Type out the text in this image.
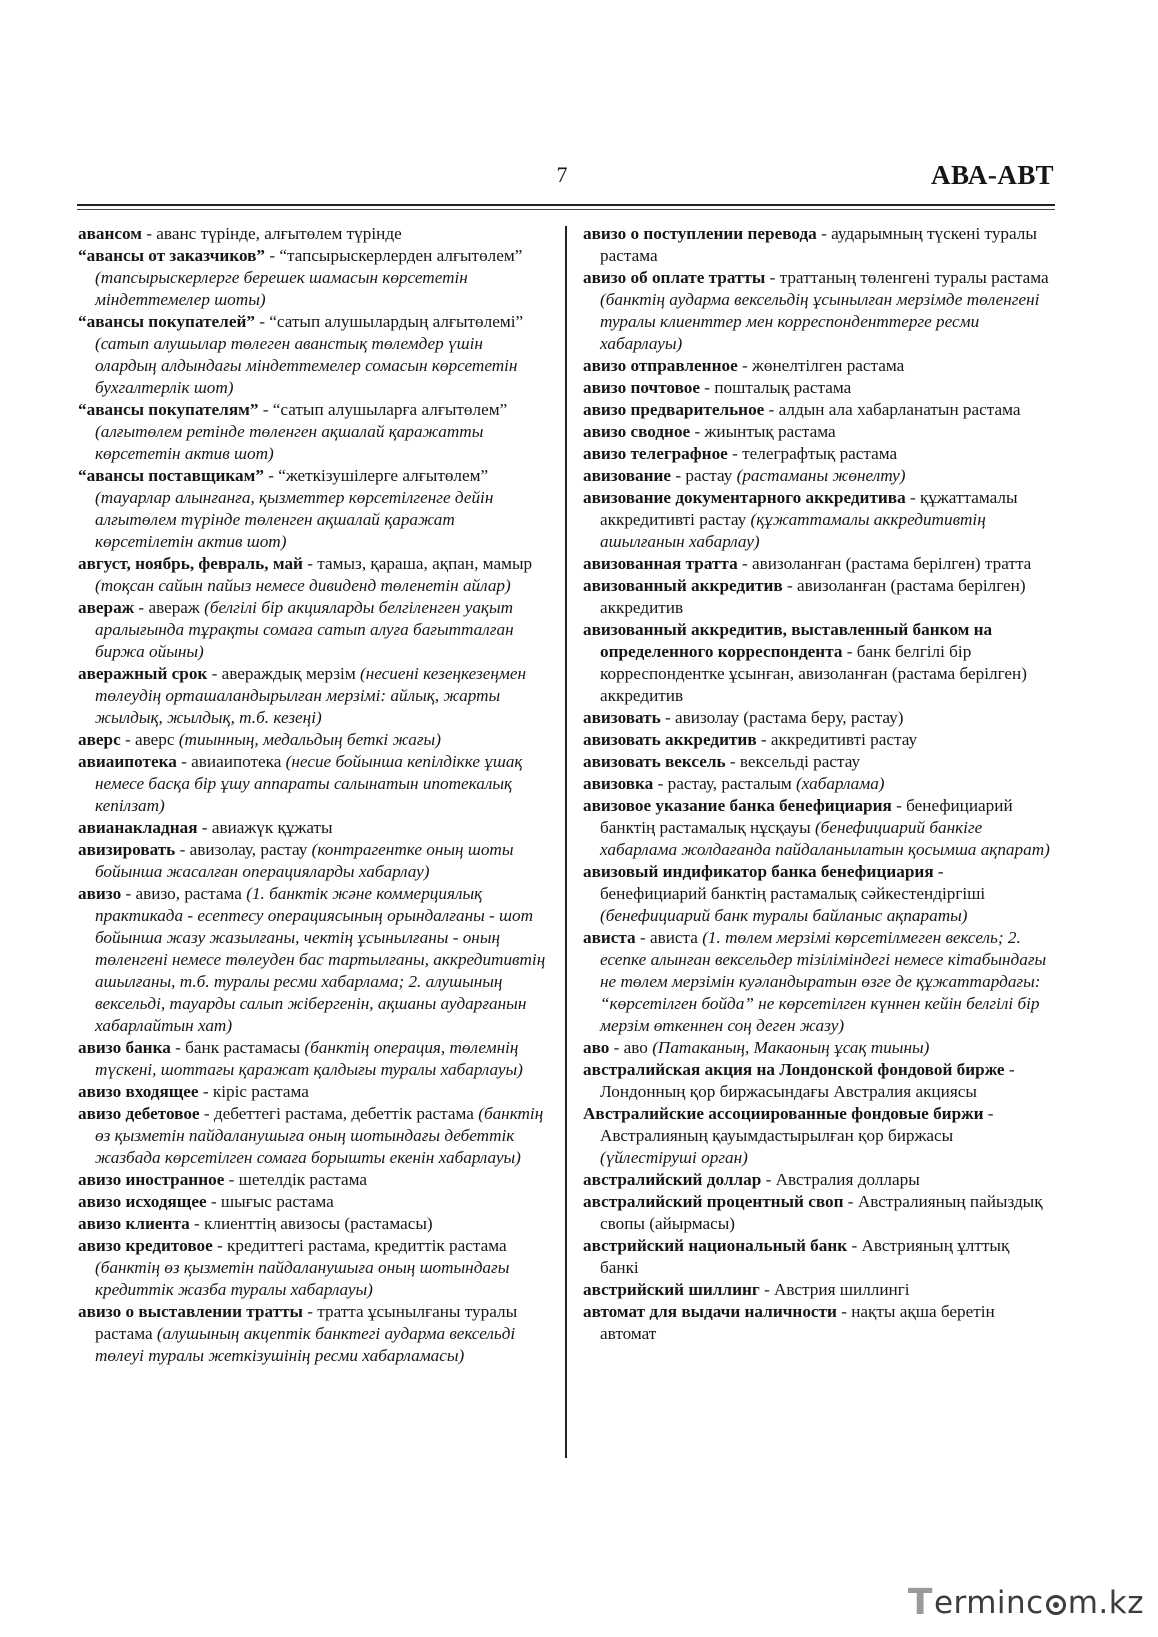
7	АВА-АВТ

авансом - аванс түрінде, алғытөлем түрінде

“авансы от заказчиков” - “тапсырыскерлерден алғытөлем” (тапсырыскерлерге берешек шамасын көрсететін міндеттемелер шоты)

“авансы покупателей” - “сатып алушылардың алғытөлемі” (сатып алушылар төлеген аванстық төлемдер үшін олардың алдындағы міндеттемелер сомасын көрсететін бухгалтерлік шот)

“авансы покупателям” - “сатып алушыларға алғытөлем” (алғытөлем ретінде төленген ақшалай қаражатты көрсететін актив шот)

“авансы поставщикам” - “жеткізушілерге алғытөлем” (тауарлар алынғанға, қызметтер көрсетілгенге дейін алғытөлем түрінде төленген ақшалай қаражат көрсетілетін актив шот)

август, ноябрь, февраль, май - тамыз, қараша, ақпан, мамыр (тоқсан сайын пайыз немесе дивиденд төленетін айлар)

авераж - авераж (белгілі бір акцияларды белгіленген уақыт аралығында тұрақты сомаға сатып алуға бағытталған биржа ойыны)

авеpажный срок - авераждық мерзім (несиені кезеңкезеңмен төлеудің орташаландырылған мерзімі: айлық, жарты жылдық, жылдық, т.б. кезеңі)

аверс - аверс (тиынның, медальдың беткі жағы)

авиаипотека - авиаипотека (несие бойынша кепілдікке ұшақ немесе басқа бір ұшу аппараты салынатын ипотекалық кепілзат)

авианакладная - авиажүк құжаты

авизировать - авизолау, растау (контрагентке оның шоты бойынша жасалған операцияларды хабарлау)

авизо - авизо, растама (1. банктік және коммерциялық практикада - есептесу операциясының орындалғаны - шот бойынша жазу жазылғаны, чектің ұсынылғаны - оның төленгені немесе төлеуден бас тартылғаны, аккредитивтің ашылғаны, т.б. туралы ресми хабарлама; 2. алушының вексельді, тауарды салып жібергенін, ақшаны аударғанын хабарлайтын хат)

авизо банка - банк растамасы (банктің операция, төлемнің түскені, шоттағы қаражат қалдығы туралы хабарлауы)

авизо входящее - кіріс растама

авизо дебетовое - дебеттегі растама, дебеттік растама (банктің өз қызметін пайдаланушыға оның шотындағы дебеттік жазбада көрсетілген сомаға борышты екенін хабарлауы)

авизо иностранное - шетелдік растама

авизо исходящее - шығыс растама

авизо клиента - клиенттің авизосы (растамасы)

авизо кредитовое - кредиттегі растама, кредиттік растама (банктің өз қызметін пайдаланушыға оның шотындағы кредиттік жазба туралы хабарлауы)

авизо о выставлении тратты - тратта ұсынылғаны туралы растама (алушының акцептік банктегі аударма вексельді төлеуі туралы жеткізушінің ресми хабарламасы)

авизо о поступлении перевода - аударымның түскені туралы растама

авизо об оплате тратты - траттаның төленгені туралы растама (банктің аударма вексельдің ұсынылған мерзімде төленгені туралы клиенттер мен корреспонденттерге ресми хабарлауы)

авизо отправленное - жөнелтілген растама

авизо почтовое - пошталық растама

авизо предварительное - алдын ала хабарланатын растама

авизо сводное - жиынтық растама

авизо телеграфное - телеграфтық растама

авизование - растау (растаманы жөнелту)

авизование документарного аккредитива - құжаттамалы аккредитивті растау (құжаттамалы аккредитивтің ашылғанын хабарлау)

авизованная тратта - авизоланған (растама берілген) тратта

авизованный аккредитив - авизоланған (растама берілген) аккредитив

авизованный аккредитив, выставленный банком на определенного корреспондента - банк белгілі бір корреспондентке ұсынған, авизоланған (растама берілген) аккредитив

авизовать - авизолау (растама беру, растау)

авизовать аккредитив - аккредитивті растау

авизовать вексель - вексельді растау

авизовка - растау, расталым (хабарлама)

авизовое указание банка бенефициария - бенефициарий банктің растамалық нұсқауы (бенефициарий банкіге хабарлама жолдағанда пайдаланылатын қосымша ақпарат)

авизовый индификатор банка бенефициария - бенефициарий банктің растамалық сәйкестендіргіші (бенефициарий банк туралы байланыс ақпараты)

ависта - ависта (1. төлем мерзімі көрсетілмеген вексель; 2. есепке алынған вексельдер тізіліміндегі немесе кітабындағы не төлем мерзімін куәландыратын өзге де құжаттардағы: “көрсетілген бойда” не көрсетілген күннен кейін белгілі бір мерзім өткеннен соң деген жазу)

аво - аво (Патаканың, Макаоның ұсақ тиыны)

австралийская акция на Лондонской фондовой бирже - Лондонның қор биржасындағы Австралия акциясы

Австралийские ассоциированные фондовые биржи - Австралияның қауымдастырылған қор биржасы (үйлестіруші орган)

австралийский доллар - Австралия доллары

австралийский процентный своп - Австралияның пайыздық свопы (айырмасы)

австрийский национальный банк - Австрияның ұлттық банкі

австрийский шиллинг - Австрия шиллингі

автомат для выдачи наличности - нақты ақша беретін автомат

T erminc m.kz
